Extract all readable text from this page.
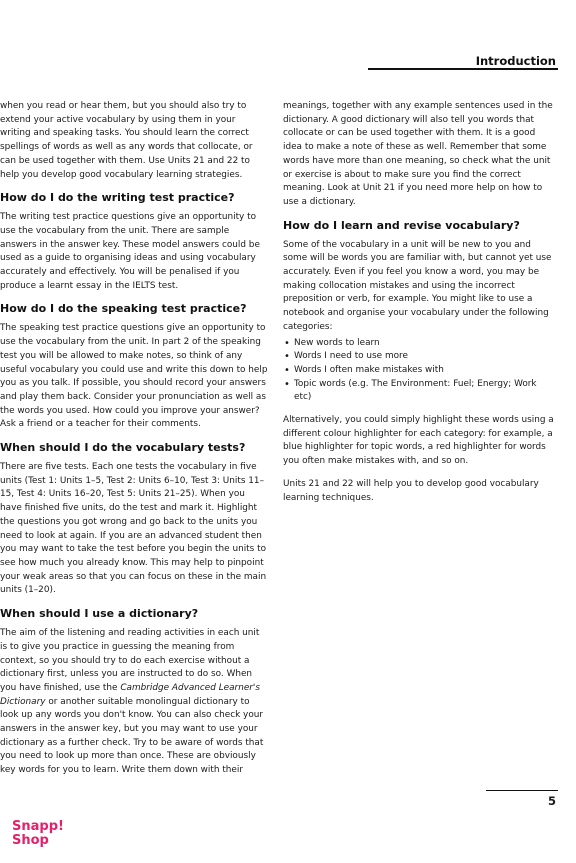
Introduction

when you read or hear them, but you should also try to extend your active vocabulary by using them in your writing and speaking tasks. You should learn the correct spellings of words as well as any words that collocate, or can be used together with them. Use Units 21 and 22 to help you develop good vocabulary learning strategies.

How do I do the writing test practice?

The writing test practice questions give an opportunity to use the vocabulary from the unit. There are sample answers in the answer key. These model answers could be used as a guide to organising ideas and using vocabulary accurately and effectively. You will be penalised if you produce a learnt essay in the IELTS test.

How do I do the speaking test practice?

The speaking test practice questions give an opportunity to use the vocabulary from the unit. In part 2 of the speaking test you will be allowed to make notes, so think of any useful vocabulary you could use and write this down to help you as you talk. If possible, you should record your answers and play them back. Consider your pronunciation as well as the words you used. How could you improve your answer? Ask a friend or a teacher for their comments.

When should I do the vocabulary tests?

There are five tests. Each one tests the vocabulary in five units (Test 1: Units 1–5, Test 2: Units 6–10, Test 3: Units 11–15, Test 4: Units 16–20, Test 5: Units 21–25). When you have finished five units, do the test and mark it. Highlight the questions you got wrong and go back to the units you need to look at again. If you are an advanced student then you may want to take the test before you begin the units to see how much you already know. This may help to pinpoint your weak areas so that you can focus on these in the main units (1–20).

When should I use a dictionary?

The aim of the listening and reading activities in each unit is to give you practice in guessing the meaning from context, so you should try to do each exercise without a dictionary first, unless you are instructed to do so. When you have finished, use the Cambridge Advanced Learner's Dictionary or another suitable monolingual dictionary to look up any words you don't know. You can also check your answers in the answer key, but you may want to use your dictionary as a further check. Try to be aware of words that you need to look up more than once. These are obviously key words for you to learn. Write them down with their

meanings, together with any example sentences used in the dictionary. A good dictionary will also tell you words that collocate or can be used together with them. It is a good idea to make a note of these as well. Remember that some words have more than one meaning, so check what the unit or exercise is about to make sure you find the correct meaning. Look at Unit 21 if you need more help on how to use a dictionary.

How do I learn and revise vocabulary?

Some of the vocabulary in a unit will be new to you and some will be words you are familiar with, but cannot yet use accurately. Even if you feel you know a word, you may be making collocation mistakes and using the incorrect preposition or verb, for example. You might like to use a notebook and organise your vocabulary under the following categories:

• New words to learn
• Words I need to use more
• Words I often make mistakes with
• Topic words (e.g. The Environment: Fuel; Energy; Work etc)

Alternatively, you could simply highlight these words using a different colour highlighter for each category: for example, a blue highlighter for topic words, a red highlighter for words you often make mistakes with, and so on.

Units 21 and 22 will help you to develop good vocabulary learning techniques.

5
Snapp!
Shop
